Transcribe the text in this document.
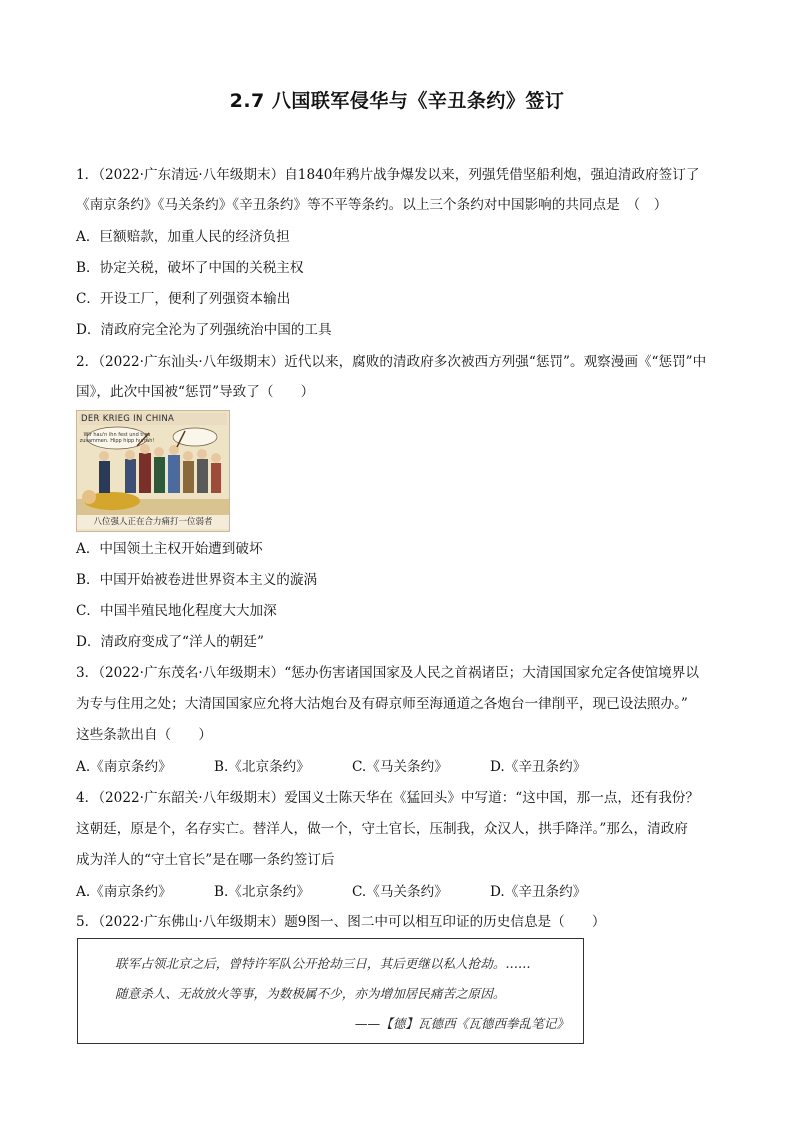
2.7 八国联军侵华与《辛丑条约》签订
1．（2022·广东清远·八年级期末）自1840年鸦片战争爆发以来，列强凭借坚船利炮，强迫清政府签订了
《南京条约》《马关条约》《辛丑条约》等不平等条约。以上三个条约对中国影响的共同点是　（　）
A．巨额赔款，加重人民的经济负担
B．协定关税，破坏了中国的关税主权
C．开设工厂，便利了列强资本输出
D．清政府完全沦为了列强统治中国的工具
2．（2022·广东汕头·八年级期末）近代以来，腐败的清政府多次被西方列强“惩罚”。观察漫画《“惩罚”中
国》，此次中国被“惩罚”导致了（　　）
DER KRIEG IN CHINA
Wir hau'n ihn fest und treu
zusammen. Hipp hipp hurrah!
八位强人正在合力痛打一位弱者
A．中国领土主权开始遭到破坏
B．中国开始被卷进世界资本主义的漩涡
C．中国半殖民地化程度大大加深
D．清政府变成了“洋人的朝廷”
3．（2022·广东茂名·八年级期末）“惩办伤害诸国国家及人民之首祸诸臣；大清国国家允定各使馆境界以
为专与住用之处；大清国国家应允将大沽炮台及有碍京师至海通道之各炮台一律削平，现已设法照办。”
这些条款出自（　　）
A.《南京条约》	B.《北京条约》	C.《马关条约》	D.《辛丑条约》
4．（2022·广东韶关·八年级期末）爱国义士陈天华在《猛回头》中写道：“这中国，那一点，还有我份？
这朝廷，原是个，名存实亡。替洋人，做一个，守土官长，压制我，众汉人，拱手降洋。”那么，清政府
成为洋人的“守土官长”是在哪一条约签订后
A.《南京条约》	B.《北京条约》	C.《马关条约》	D.《辛丑条约》
5．（2022·广东佛山·八年级期末）题9图一、图二中可以相互印证的历史信息是（　　）
联军占领北京之后，曾特许军队公开抢劫三日，其后更继以私人抢劫。……
随意杀人、无故放火等事，为数极属不少，亦为增加居民痛苦之原因。
——【德】瓦德西《瓦德西拳乱笔记》
